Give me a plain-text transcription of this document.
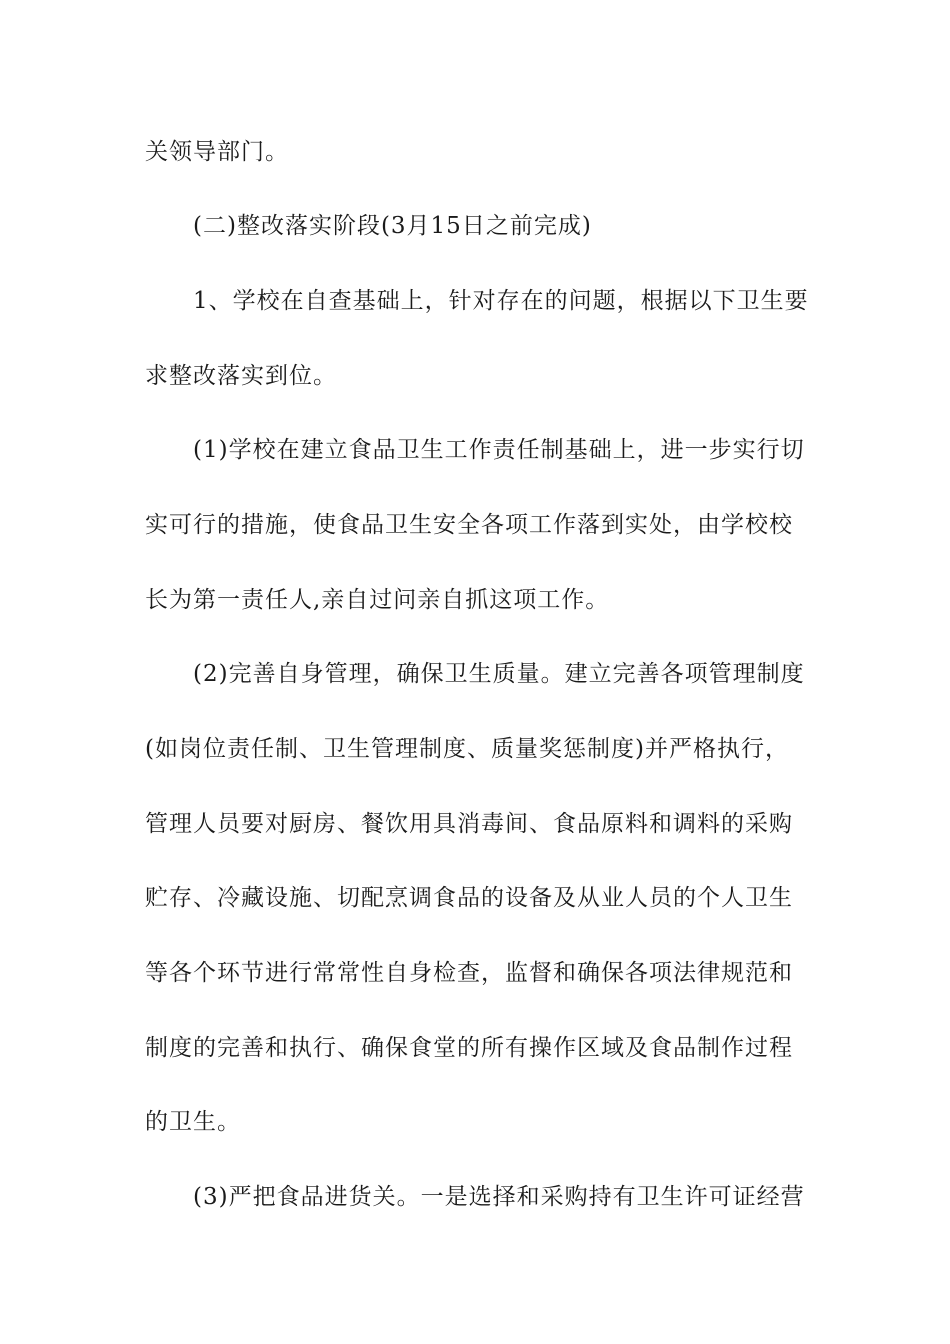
关领导部门。
(二)整改落实阶段(3月15日之前完成)
1、学校在自查基础上，针对存在的问题，根据以下卫生要
求整改落实到位。
(1)学校在建立食品卫生工作责任制基础上，进一步实行切
实可行的措施，使食品卫生安全各项工作落到实处，由学校校
长为第一责任人,亲自过问亲自抓这项工作。
(2)完善自身管理，确保卫生质量。建立完善各项管理制度
(如岗位责任制、卫生管理制度、质量奖惩制度)并严格执行，
管理人员要对厨房、餐饮用具消毒间、食品原料和调料的采购
贮存、冷藏设施、切配烹调食品的设备及从业人员的个人卫生
等各个环节进行常常性自身检查，监督和确保各项法律规范和
制度的完善和执行、确保食堂的所有操作区域及食品制作过程
的卫生。
(3)严把食品进货关。一是选择和采购持有卫生许可证经营
